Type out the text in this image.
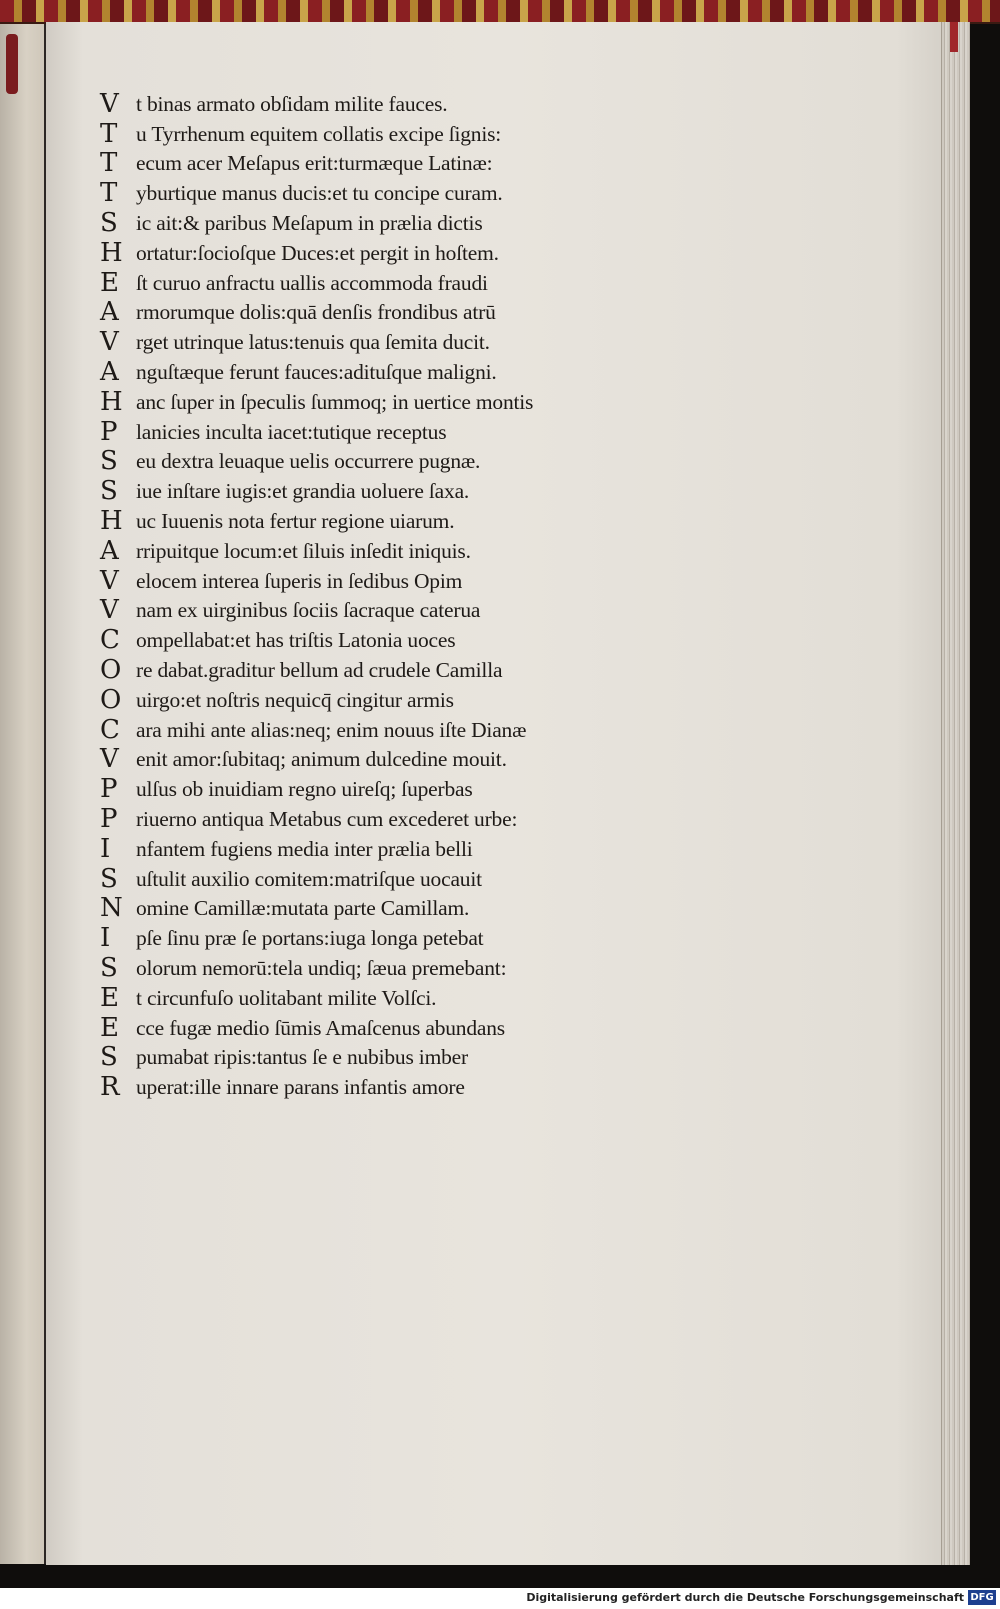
V t binas armato obſidam milite fauces.
T u Tyrrhenum equitem collatis excipe ſignis:
T ecum acer Meſapus erit:turmæque Latinæ:
T yburtique manus ducis:et tu concipe curam.
S ic ait:& paribus Meſapum in prælia dictis
H ortatur:ſocioſque Duces:et pergit in hoſtem.
E ſt curuo anfractu uallis accommoda fraudi
A rmorumque dolis:quā denſis frondibus atrū
V rget utrinque latus:tenuis qua ſemita ducit.
A nguſtæque ferunt fauces:adituſque maligni.
H anc ſuper in ſpeculis ſummoq; in uertice montis
P lanicies inculta iacet:tutique receptus
S eu dextra leuaque uelis occurrere pugnæ.
S iue inſtare iugis:et grandia uoluere ſaxa.
H uc Iuuenis nota fertur regione uiarum.
A rripuitque locum:et ſiluis inſedit iniquis.
V elocem interea ſuperis in ſedibus Opim
V nam ex uirginibus ſociis ſacraque caterua
C ompellabat:et has triſtis Latonia uoces
O re dabat.graditur bellum ad crudele Camilla
O uirgo:et noſtris nequicq̄ cingitur armis
C ara mihi ante alias:neq; enim nouus iſte Dianæ
V enit amor:ſubitaq; animum dulcedine mouit.
P ulſus ob inuidiam regno uireſq; ſuperbas
P riuerno antiqua Metabus cum excederet urbe:
I	nfantem fugiens media inter prælia belli
S uſtulit auxilio comitem:matriſque uocauit
N omine Camillæ:mutata parte Camillam.
I	pſe ſinu præ ſe portans:iuga longa petebat
S olorum nemorū:tela undiq; ſæua premebant:
E t circunfuſo uolitabant milite Volſci.
E cce fugæ medio ſūmis Amaſcenus abundans
S pumabat ripis:tantus ſe e nubibus imber
R uperat:ille innare parans infantis amore
Digitalisierung gefördert durch die Deutsche Forschungsgemeinschaft DFG
